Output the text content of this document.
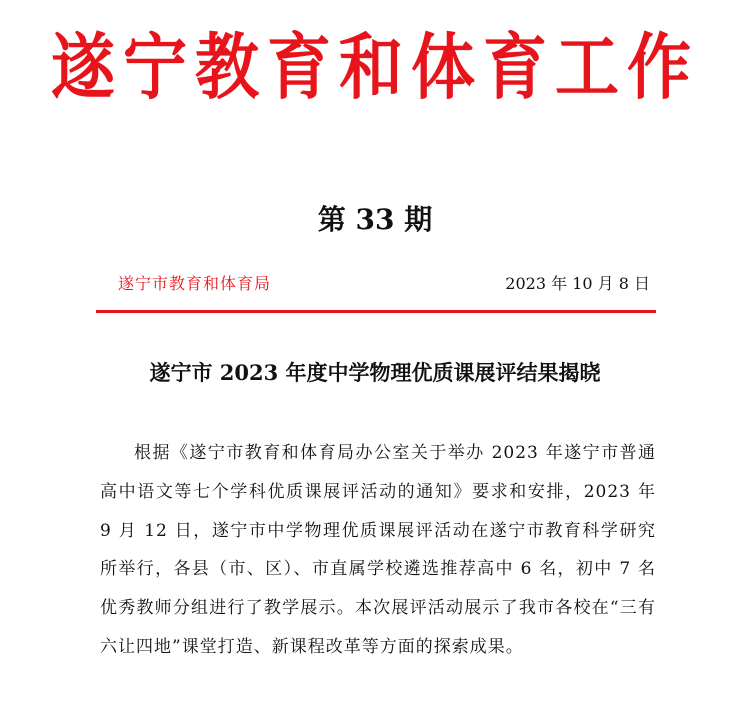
遂宁教育和体育工作
第 33 期
遂宁市教育和体育局	2023 年 10 月 8 日
遂宁市 2023 年度中学物理优质课展评结果揭晓

根据《遂宁市教育和体育局办公室关于举办 2023 年遂宁市普通高中语文等七个学科优质课展评活动的通知》要求和安排，2023 年 9 月 12 日，遂宁市中学物理优质课展评活动在遂宁市教育科学研究所举行，各县（市、区）、市直属学校遴选推荐高中 6 名，初中 7 名优秀教师分组进行了教学展示。本次展评活动展示了我市各校在“三有六让四地”课堂打造、新课程改革等方面的探索成果。
